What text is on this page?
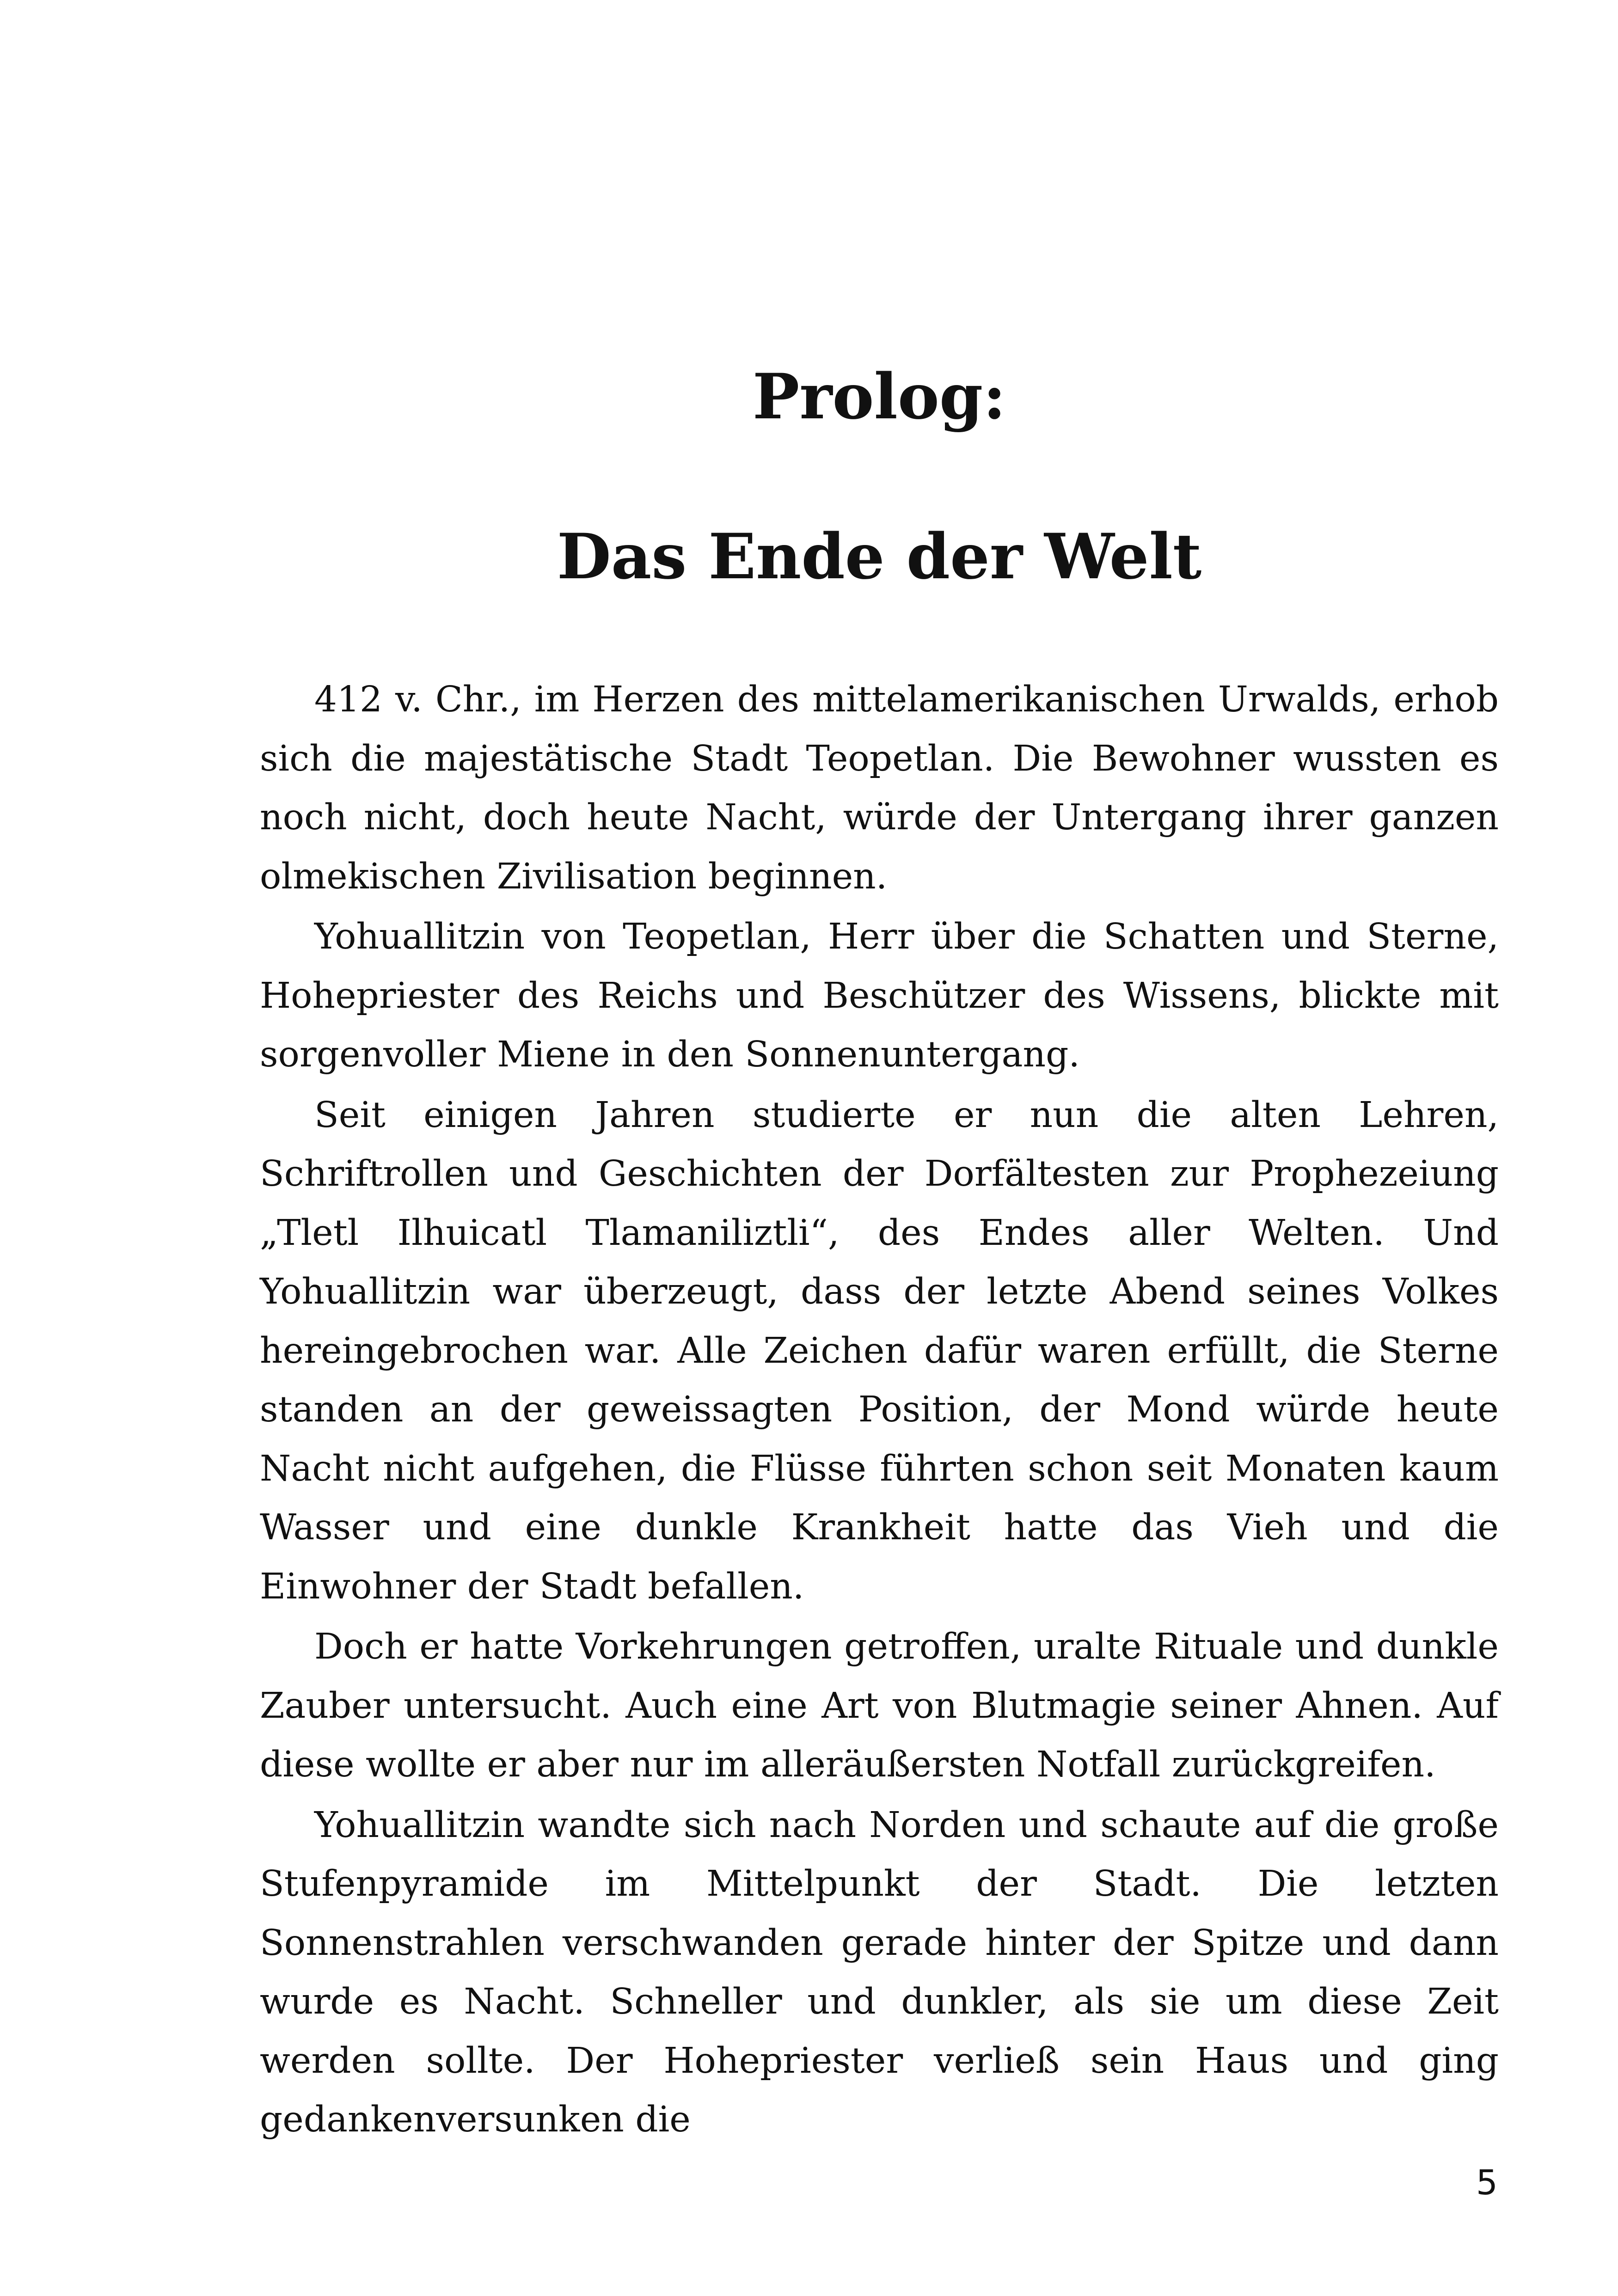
Prolog:
Das Ende der Welt

412 v. Chr., im Herzen des mittelamerikanischen Urwalds, erhob sich die majestätische Stadt Teopetlan. Die Bewohner wussten es noch nicht, doch heute Nacht, würde der Untergang ihrer ganzen olmekischen Zivilisation beginnen.

Yohuallitzin von Teopetlan, Herr über die Schatten und Sterne, Hohepriester des Reichs und Beschützer des Wissens, blickte mit sorgenvoller Miene in den Sonnenuntergang.

Seit einigen Jahren studierte er nun die alten Lehren, Schriftrollen und Geschichten der Dorfältesten zur Prophezeiung „Tletl Ilhuicatl Tlamaniliztli“, des Endes aller Welten. Und Yohuallitzin war überzeugt, dass der letzte Abend seines Volkes hereingebrochen war. Alle Zeichen dafür waren erfüllt, die Sterne standen an der geweissagten Position, der Mond würde heute Nacht nicht aufgehen, die Flüsse führten schon seit Monaten kaum Wasser und eine dunkle Krankheit hatte das Vieh und die Einwohner der Stadt befallen.

Doch er hatte Vorkehrungen getroffen, uralte Rituale und dunkle Zauber untersucht. Auch eine Art von Blutmagie seiner Ahnen. Auf diese wollte er aber nur im alleräußersten Notfall zurückgreifen.

Yohuallitzin wandte sich nach Norden und schaute auf die große Stufenpyramide im Mittelpunkt der Stadt. Die letzten Sonnenstrahlen verschwanden gerade hinter der Spitze und dann wurde es Nacht. Schneller und dunkler, als sie um diese Zeit werden sollte. Der Hohepriester verließ sein Haus und ging gedankenversunken die

5
